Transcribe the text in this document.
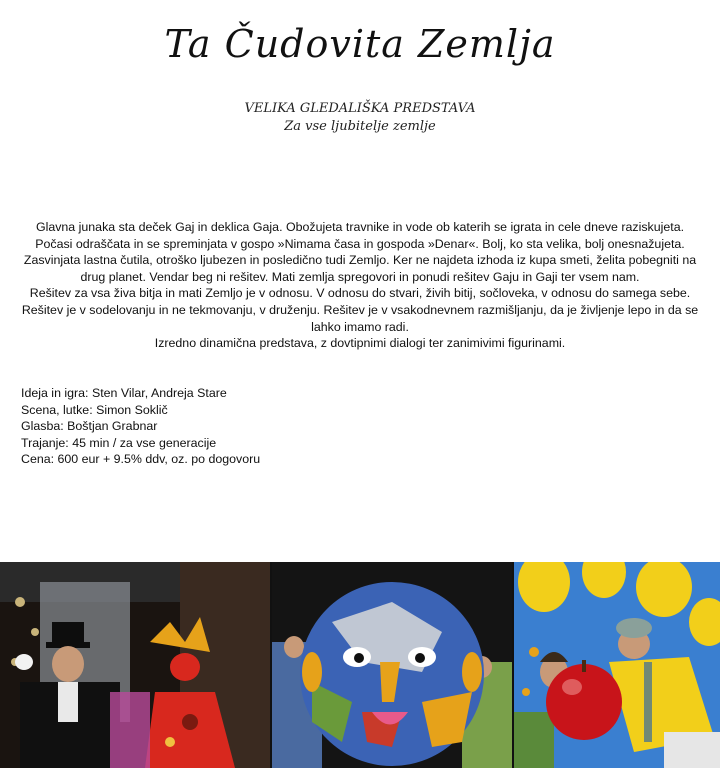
Ta Čudovita Zemlja
VELIKA GLEDALIŠKA PREDSTAVA
Za vse ljubitelje zemlje

Glavna junaka sta deček Gaj in deklica Gaja. Obožujeta travnike in vode ob katerih se igrata in cele dneve raziskujeta. Počasi odraščata in se spreminjata v gospo »Nimama časa in gospoda »Denar«. Bolj, ko sta velika, bolj onesnažujeta. Zasvinjata lastna čutila, otroško ljubezen in posledično tudi Zemljo. Ker ne najdeta izhoda iz kupa smeti, želita pobegniti na drug planet. Vendar beg ni rešitev. Mati zemlja spregovori in ponudi rešitev Gaju in Gaji ter vsem nam.

Rešitev za vsa živa bitja in mati Zemljo je v odnosu. V odnosu do stvari, živih bitij, sočloveka, v odnosu do samega sebe. Rešitev je v sodelovanju in ne tekmovanju, v druženju. Rešitev je v vsakodnevnem razmišljanju, da je življenje lepo in da se lahko imamo radi.

Izredno dinamična predstava, z dovtipnimi dialogi ter zanimivimi figurinami.

Ideja in igra: Sten Vilar, Andreja Stare
Scena, lutke: Simon Soklič
Glasba: Boštjan Grabnar
Trajanje: 45 min / za vse generacije
Cena: 600 eur + 9.5% ddv, oz. po dogovoru
